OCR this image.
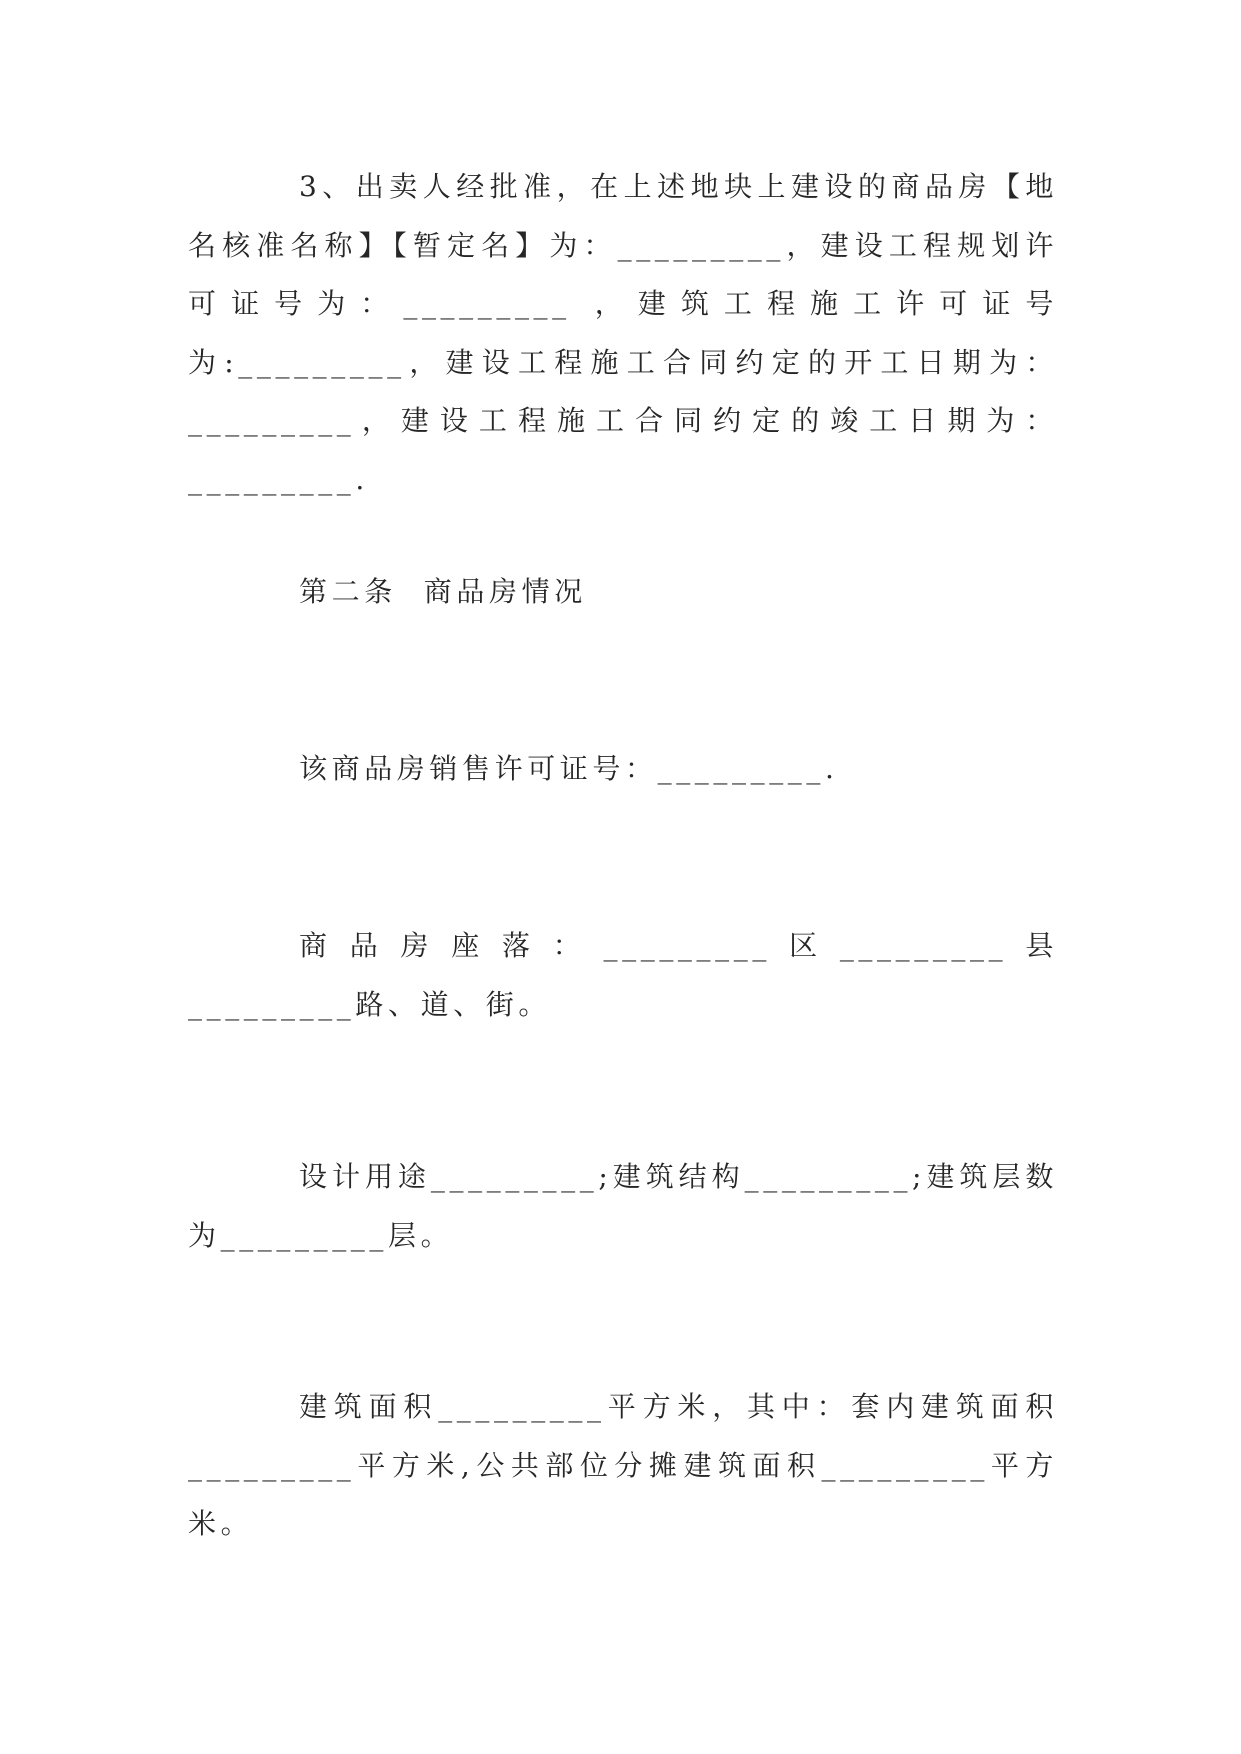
3、出卖人经批准，在上述地块上建设的商品房【地名核准名称】【暂定名】为：_________，建设工程规划许可证号为：_________ ，建筑工程施工许可证号为:_________，建设工程施工合同约定的开工日期为：_________，建设工程施工合同约定的竣工日期为：_________.

第二条  商品房情况

该商品房销售许可证号：_________.

商品房座落：_________区_________县_________路、道、街。

设计用途_________;建筑结构_________;建筑层数为_________层。

建筑面积_________平方米，其中：套内建筑面积_________平方米,公共部位分摊建筑面积_________平方米。
